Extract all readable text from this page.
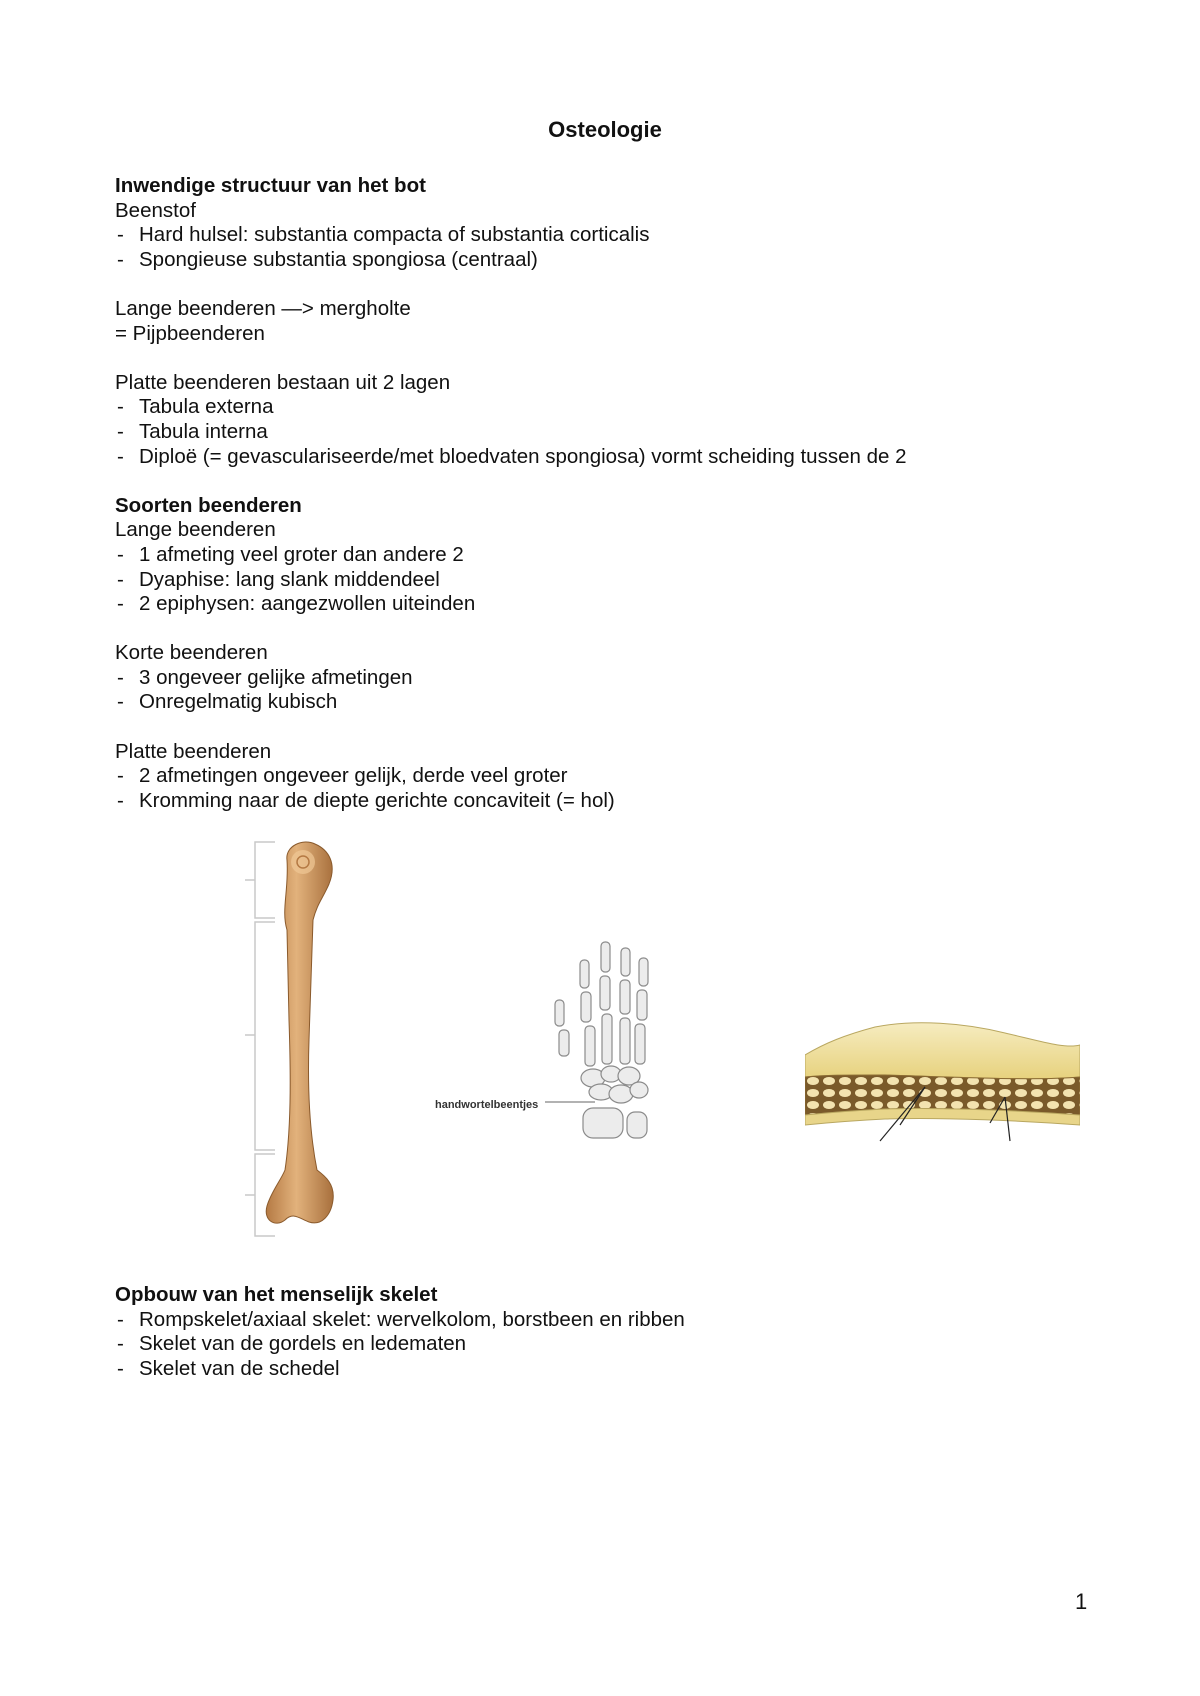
Osteologie

Inwendige structuur van het bot

Beenstof

- Hard hulsel: substantia compacta of substantia corticalis
- Spongieuse substantia spongiosa (centraal)

Lange beenderen —> mergholte

= Pijpbeenderen

Platte beenderen bestaan uit 2 lagen

- Tabula externa
- Tabula interna
- Diploë (= gevasculariseerde/met bloedvaten spongiosa) vormt scheiding tussen de 2

Soorten beenderen

Lange beenderen

- 1 afmeting veel groter dan andere 2
- Dyaphise: lang slank middendeel
- 2 epiphysen: aangezwollen uiteinden

Korte beenderen

- 3 ongeveer gelijke afmetingen
- Onregelmatig kubisch

Platte beenderen

- 2 afmetingen ongeveer gelijk, derde veel groter
- Kromming naar de diepte gerichte concaviteit (= hol)
handwortelbeentjes

Opbouw van het menselijk skelet

- Rompskelet/axiaal skelet: wervelkolom, borstbeen en ribben
- Skelet van de gordels en ledematen
- Skelet van de schedel
1
